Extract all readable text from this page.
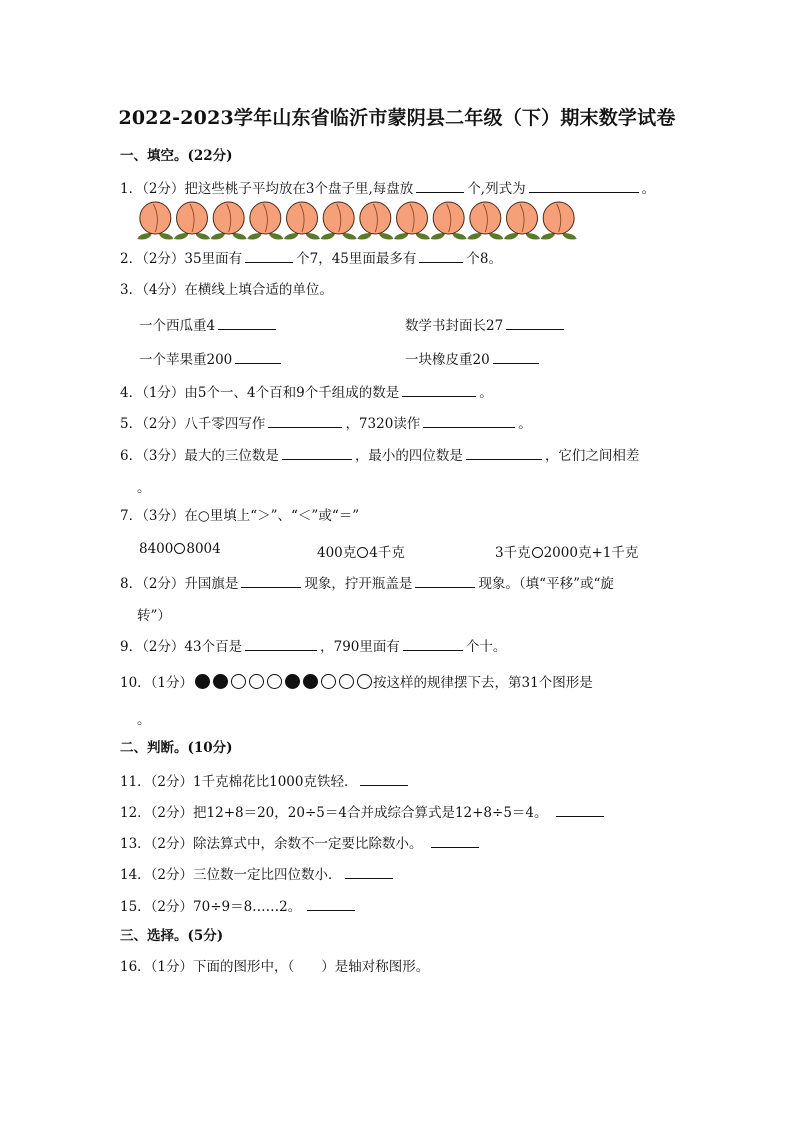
2022-2023学年山东省临沂市蒙阴县二年级（下）期末数学试卷
一、填空。(22分)
1．（2分）把这些桃子平均放在3个盘子里,每盘放	个,列式为	。
2．（2分）35里面有	个7，45里面最多有	个8。
3．（4分）在横线上填合适的单位。
一个西瓜重4	数学书封面长27
一个苹果重200	一块橡皮重20
4．（1分）由5个一、4个百和9个千组成的数是	。
5．（2分）八千零四写作	，7320读作	。
6．（3分）最大的三位数是	，最小的四位数是	，它们之间相差
。
7．（3分）在○里填上“＞”、“＜”或“＝”
8400 8004	400克 4千克	3千克 2000克+1千克
8．（2分）升国旗是	现象，拧开瓶盖是	现象。（填“平移”或“旋
转”）
9．（2分）43个百是	，790里面有	个十。
10．（1分）	按这样的规律摆下去，第31个图形是
。
二、判断。(10分)
11．（2分）1千克棉花比1000克铁轻．
12．（2分）把12+8＝20，20÷5＝4合并成综合算式是12+8÷5＝4。
13．（2分）除法算式中，余数不一定要比除数小。
14．（2分）三位数一定比四位数小．
15．（2分）70÷9＝8……2。
三、选择。(5分)
16．（1分）下面的图形中，（　　）是轴对称图形。
